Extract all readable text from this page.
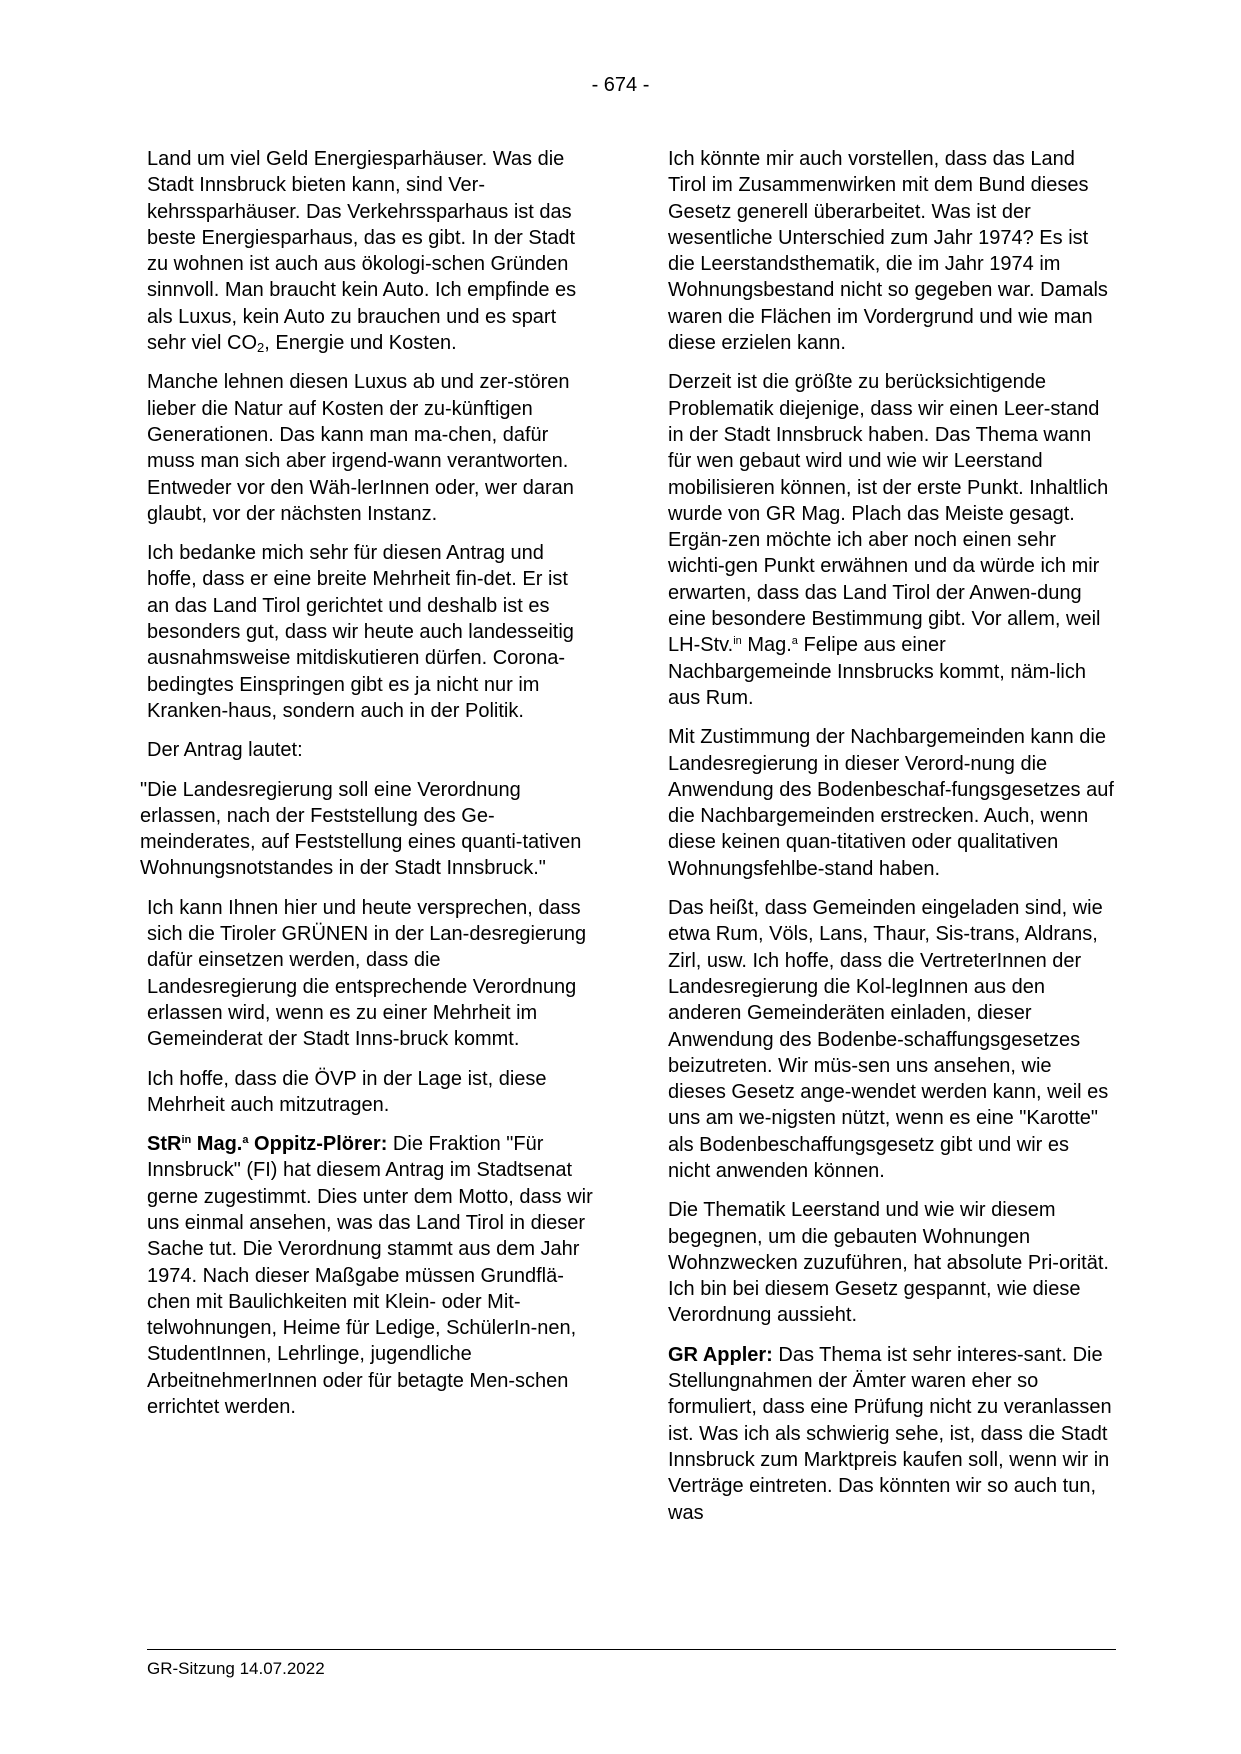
- 674 -

Land um viel Geld Energiesparhäuser. Was die Stadt Innsbruck bieten kann, sind Ver-kehrssparhäuser. Das Verkehrssparhaus ist das beste Energiesparhaus, das es gibt. In der Stadt zu wohnen ist auch aus ökologi-schen Gründen sinnvoll. Man braucht kein Auto. Ich empfinde es als Luxus, kein Auto zu brauchen und es spart sehr viel $CO_2$, Energie und Kosten.

Manche lehnen diesen Luxus ab und zer-stören lieber die Natur auf Kosten der zu-künftigen Generationen. Das kann man ma-chen, dafür muss man sich aber irgend-wann verantworten. Entweder vor den Wäh-lerInnen oder, wer daran glaubt, vor der nächsten Instanz.

Ich bedanke mich sehr für diesen Antrag und hoffe, dass er eine breite Mehrheit fin-det. Er ist an das Land Tirol gerichtet und deshalb ist es besonders gut, dass wir heute auch landesseitig ausnahmsweise mitdiskutieren dürfen. Corona-bedingtes Einspringen gibt es ja nicht nur im Kranken-haus, sondern auch in der Politik.

Der Antrag lautet:

"Die Landesregierung soll eine Verordnung erlassen, nach der Feststellung des Ge-meinderates, auf Feststellung eines quanti-tativen Wohnungsnotstandes in der Stadt Innsbruck."

Ich kann Ihnen hier und heute versprechen, dass sich die Tiroler GRÜNEN in der Lan-desregierung dafür einsetzen werden, dass die Landesregierung die entsprechende Verordnung erlassen wird, wenn es zu einer Mehrheit im Gemeinderat der Stadt Inns-bruck kommt.

Ich hoffe, dass die ÖVP in der Lage ist, diese Mehrheit auch mitzutragen.

StR$^{in}$ Mag.$^a$ Oppitz-Plörer: Die Fraktion "Für Innsbruck" (FI) hat diesem Antrag im Stadtsenat gerne zugestimmt. Dies unter dem Motto, dass wir uns einmal ansehen, was das Land Tirol in dieser Sache tut. Die Verordnung stammt aus dem Jahr 1974. Nach dieser Maßgabe müssen Grundflä-chen mit Baulichkeiten mit Klein- oder Mit-telwohnungen, Heime für Ledige, SchülerIn-nen, StudentInnen, Lehrlinge, jugendliche ArbeitnehmerInnen oder für betagte Men-schen errichtet werden.

Ich könnte mir auch vorstellen, dass das Land Tirol im Zusammenwirken mit dem Bund dieses Gesetz generell überarbeitet. Was ist der wesentliche Unterschied zum Jahr 1974? Es ist die Leerstandsthematik, die im Jahr 1974 im Wohnungsbestand nicht so gegeben war. Damals waren die Flächen im Vordergrund und wie man diese erzielen kann.

Derzeit ist die größte zu berücksichtigende Problematik diejenige, dass wir einen Leer-stand in der Stadt Innsbruck haben. Das Thema wann für wen gebaut wird und wie wir Leerstand mobilisieren können, ist der erste Punkt. Inhaltlich wurde von GR Mag. Plach das Meiste gesagt. Ergän-zen möchte ich aber noch einen sehr wichti-gen Punkt erwähnen und da würde ich mir erwarten, dass das Land Tirol der Anwen-dung eine besondere Bestimmung gibt. Vor allem, weil LH-Stv.$^{in}$ Mag.$^a$ Felipe aus einer Nachbargemeinde Innsbrucks kommt, näm-lich aus Rum.

Mit Zustimmung der Nachbargemeinden kann die Landesregierung in dieser Verord-nung die Anwendung des Bodenbeschaf-fungsgesetzes auf die Nachbargemeinden erstrecken. Auch, wenn diese keinen quan-titativen oder qualitativen Wohnungsfehlbe-stand haben.

Das heißt, dass Gemeinden eingeladen sind, wie etwa Rum, Völs, Lans, Thaur, Sis-trans, Aldrans, Zirl, usw. Ich hoffe, dass die VertreterInnen der Landesregierung die Kol-legInnen aus den anderen Gemeinderäten einladen, dieser Anwendung des Bodenbe-schaffungsgesetzes beizutreten. Wir müs-sen uns ansehen, wie dieses Gesetz ange-wendet werden kann, weil es uns am we-nigsten nützt, wenn es eine "Karotte" als Bodenbeschaffungsgesetz gibt und wir es nicht anwenden können.

Die Thematik Leerstand und wie wir diesem begegnen, um die gebauten Wohnungen Wohnzwecken zuzuführen, hat absolute Pri-orität. Ich bin bei diesem Gesetz gespannt, wie diese Verordnung aussieht.

GR Appler: Das Thema ist sehr interes-sant. Die Stellungnahmen der Ämter waren eher so formuliert, dass eine Prüfung nicht zu veranlassen ist. Was ich als schwierig sehe, ist, dass die Stadt Innsbruck zum Marktpreis kaufen soll, wenn wir in Verträge eintreten. Das könnten wir so auch tun, was

GR-Sitzung 14.07.2022
